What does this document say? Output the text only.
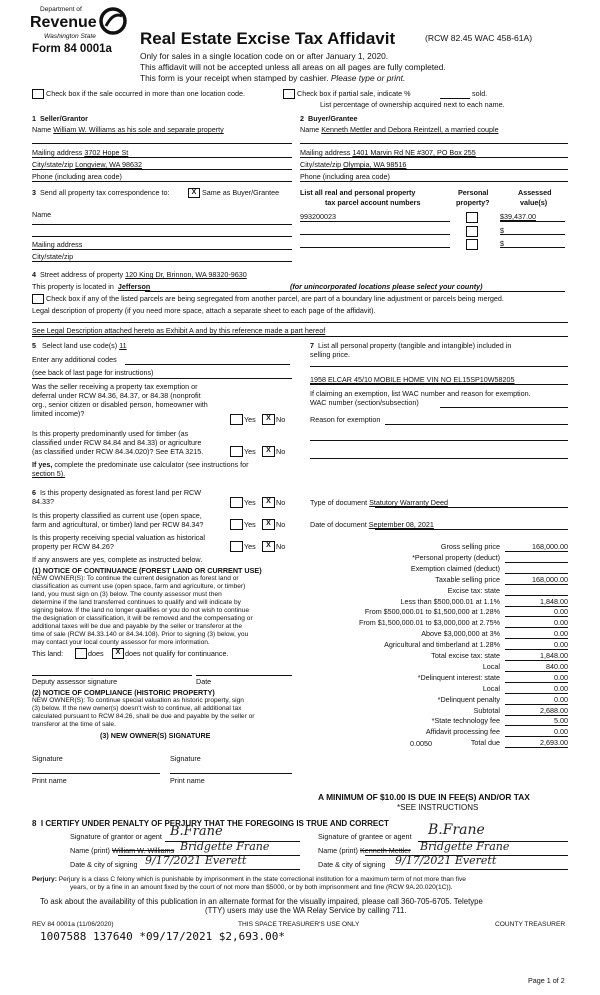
Department of
Revenue
Washington State
Form 84 0001a
Real Estate Excise Tax Affidavit	(RCW 82.45 WAC 458-61A)
Only for sales in a single location code on or after January 1, 2020.
This affidavit will not be accepted unless all areas on all pages are fully completed.
This form is your receipt when stamped by cashier. Please type or print.
Check box if the sale occurred in more than one location code.	Check box if partial sale, indicate %	sold.
List percentage of ownership acquired next to each name.
1 Seller/Grantor
Name William W. Williams as his sole and separate property
Mailing address 3702 Hope St
City/state/zip Longview, WA 98632
Phone (including area code)
2 Buyer/Grantee
Name Kenneth Mettler and Debora Reintzell, a married couple
Mailing address 1401 Marvin Rd NE #307, PO Box 255
City/state/zip Olympia, WA 98516
Phone (including area code)
3 Send all property tax correspondence to:	X Same as Buyer/Grantee
Name
Mailing address
City/state/zip
List all real and personal property
tax parcel account numbers
Personal
property?
Assessed
value(s)
993200023	$39,437.00
$
$
4 Street address of property 120 King Dr, Brinnon, WA 98320-9630
This property is located in Jefferson	(for unincorporated locations please select your county)
Check box if any of the listed parcels are being segregated from another parcel, are part of a boundary line adjustment or parcels being merged.
Legal description of property (if you need more space, attach a separate sheet to each page of the affidavit).
See Legal Description attached hereto as Exhibit A and by this reference made a part hereof
5 Select land use code(s) 11
Enter any additional codes
(see back of last page for instructions)
Was the seller receiving a property tax exemption or
deferral under RCW 84.36, 84.37, or 84.38 (nonprofit
org., senior citizen or disabled person, homeowner with
limited income)?
Yes	X No
Is this property predominantly used for timber (as
classified under RCW 84.84 and 84.33) or agriculture
(as classified under RCW 84.34.020)? See ETA 3215.	Yes	X No
If yes, complete the predominate use calculator (see instructions for
section 5).
6 Is this property designated as forest land per RCW
84.33?	Yes	X No
Is this property classified as current use (open space,
farm and agricultural, or timber) land per RCW 84.34?	Yes	X No
Is this property receiving special valuation as historical
property per RCW 84.26?	Yes	X No
If any answers are yes, complete as instructed below.
(1) NOTICE OF CONTINUANCE (FOREST LAND OR CURRENT USE)
NEW OWNER(S): To continue the current designation as forest land or
classification as current use (open space, farm and agriculture, or timber)
land, you must sign on (3) below. The county assessor must then
determine if the land transferred continues to qualify and will indicate by
signing below. If the land no longer qualifies or you do not wish to continue
the designation or classification, it will be removed and the compensating or
additional taxes will be due and payable by the seller or transferor at the
time of sale (RCW 84.33.140 or 84.34.108). Prior to signing (3) below, you
may contact your local county assessor for more information.
This land:	does	X does not qualify for continuance.
Deputy assessor signature	Date
(2) NOTICE OF COMPLIANCE (HISTORIC PROPERTY)
NEW OWNER(S): To continue special valuation as historic property, sign
(3) below. If the new owner(s) doesn't wish to continue, all additional tax
calculated pursuant to RCW 84.26, shall be due and payable by the seller or
transferor at the time of sale.
(3) NEW OWNER(S) SIGNATURE
Signature	Signature
Print name	Print name
7 List all personal property (tangible and intangible) included in
selling price.
1958 ELCAR 45/10 MOBILE HOME VIN NO EL15SP10W58205
If claiming an exemption, list WAC number and reason for exemption.
WAC number (section/subsection)
Reason for exemption
Type of document Statutory Warranty Deed
Date of document September 08, 2021
Gross selling price	168,000.00
*Personal property (deduct)
Exemption claimed (deduct)
Taxable selling price	168,000.00
Excise tax: state
Less than $500,000.01 at 1.1%	1,848.00
From $500,000.01 to $1,500,000 at 1.28%	0.00
From $1,500,000.01 to $3,000,000 at 2.75%	0.00
Above $3,000,000 at 3%	0.00
Agricultural and timberland at 1.28%	0.00
Total excise tax: state	1,848.00
Local	840.00
*Delinquent interest: state	0.00
Local	0.00
*Delinquent penalty	0.00
Subtotal	2,688.00
*State technology fee	5.00
Affidavit processing fee	0.00
Total due	2,693.00
0.0050
A MINIMUM OF $10.00 IS DUE IN FEE(S) AND/OR TAX
*SEE INSTRUCTIONS
8 I CERTIFY UNDER PENALTY OF PERJURY THAT THE FOREGOING IS TRUE AND CORRECT
Signature of grantor or agent B.Frane
Name (print) William W. Williams Bridgette Frane
Date & city of signing 9/17/2021 Everett
Signature of grantee or agent B.Frane
Name (print) Kenneth Mettler Bridgette Frane
Date & city of signing 9/17/2021 Everett
Perjury: Perjury is a class C felony which is punishable by imprisonment in the state correctional institution for a maximum term of not more than five
years, or by a fine in an amount fixed by the court of not more than $5000, or by both imprisonment and fine (RCW 9A.20.020(1C)).
To ask about the availability of this publication in an alternate format for the visually impaired, please call 360-705-6705. Teletype
(TTY) users may use the WA Relay Service by calling 711.
REV 84 0001a (11/06/2020)	THIS SPACE TREASURER'S USE ONLY	COUNTY TREASURER
1007588 137640 *09/17/2021 $2,693.00*
Page 1 of 2
